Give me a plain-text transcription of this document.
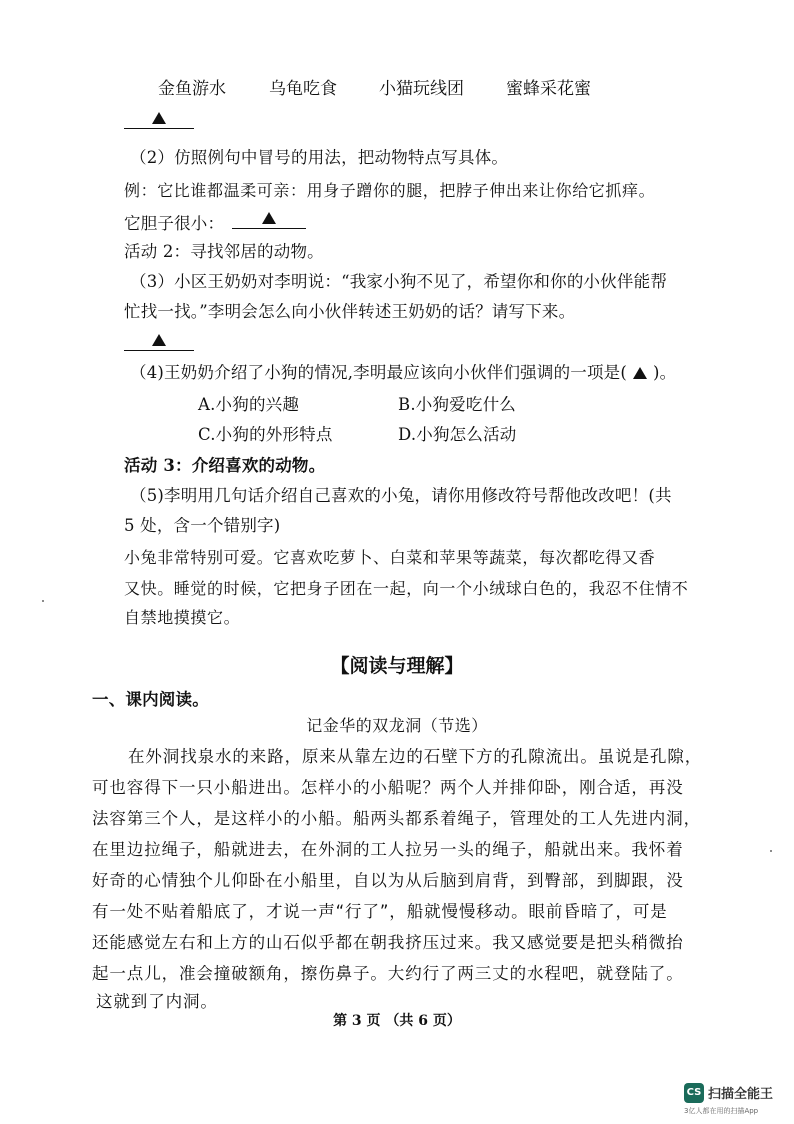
金鱼游水	乌龟吃食 小猫玩线团 蜜蜂采花蜜
（2）仿照例句中冒号的用法，把动物特点写具体。
例：它比谁都温柔可亲：用身子蹭你的腿，把脖子伸出来让你给它抓痒。
它胆子很小：
活动 2：寻找邻居的动物。
（3）小区王奶奶对李明说：“我家小狗不见了，希望你和你的小伙伴能帮
忙找一找。”李明会怎么向小伙伴转述王奶奶的话？请写下来。
（4)王奶奶介绍了小狗的情况,李明最应该向小伙伴们强调的一项是( )。
A.小狗的兴趣	B.小狗爱吃什么
C.小狗的外形特点	D.小狗怎么活动
活动 3：介绍喜欢的动物。
（5)李明用几句话介绍自己喜欢的小兔，请你用修改符号帮他改改吧！(共
5 处，含一个错别字)
小兔非常特别可爱。它喜欢吃萝卜、白菜和苹果等蔬菜，每次都吃得又香
又快。睡觉的时候，它把身子团在一起，向一个小绒球白色的，我忍不住情不
自禁地摸摸它。
【阅读与理解】
一、课内阅读。
记金华的双龙洞（节选）
在外洞找泉水的来路，原来从靠左边的石壁下方的孔隙流出。虽说是孔隙，
可也容得下一只小船进出。怎样小的小船呢？两个人并排仰卧，刚合适，再没
法容第三个人，是这样小的小船。船两头都系着绳子，管理处的工人先进内洞，
在里边拉绳子，船就进去，在外洞的工人拉另一头的绳子，船就出来。我怀着
好奇的心情独个儿仰卧在小船里，自以为从后脑到肩背，到臀部，到脚跟，没
有一处不贴着船底了，才说一声“行了”，船就慢慢移动。眼前昏暗了，可是
还能感觉左右和上方的山石似乎都在朝我挤压过来。我又感觉要是把头稍微抬
起一点儿，准会撞破额角，擦伤鼻子。大约行了两三丈的水程吧，就登陆了。
这就到了内洞。
第 3 页 （共 6 页）
CS 扫描全能王
3亿人都在用的扫描App
